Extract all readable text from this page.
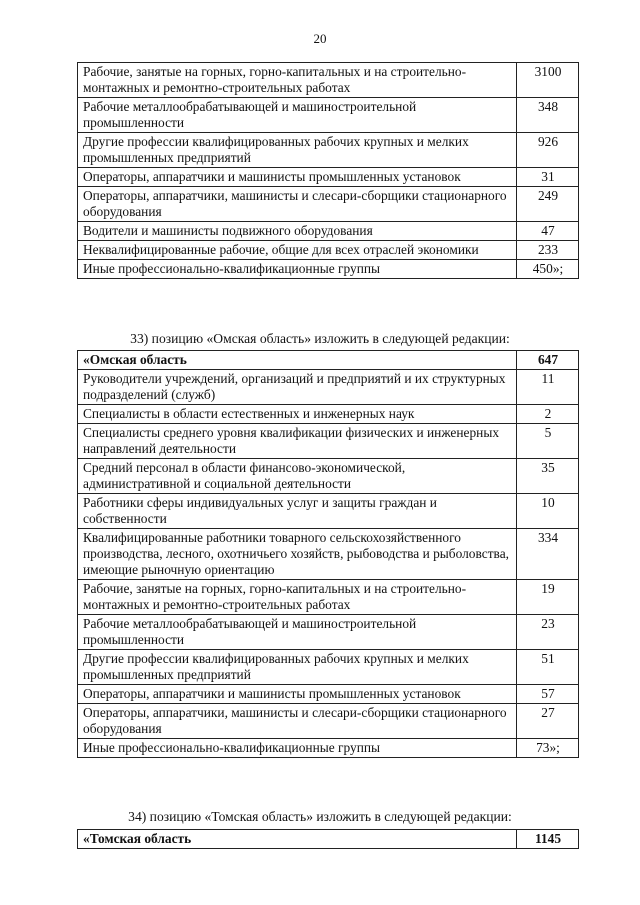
20
Рабочие, занятые на горных, горно-капитальных и на строительно-монтажных и ремонтно-строительных работах	3100
Рабочие металлообрабатывающей и машиностроительной промышленности	348
Другие профессии квалифицированных рабочих крупных и мелких промышленных предприятий	926
Операторы, аппаратчики и машинисты промышленных установок	31
Операторы, аппаратчики, машинисты и слесари-сборщики стационарного оборудования	249
Водители и машинисты подвижного оборудования	47
Неквалифицированные рабочие, общие для всех отраслей экономики	233
Иные профессионально-квалификационные группы	450»;
33) позицию «Омская область» изложить в следующей редакции:
«Омская область	647
Руководители учреждений, организаций и предприятий и их структурных подразделений (служб)	11
Специалисты в области естественных и инженерных наук	2
Специалисты среднего уровня квалификации физических и инженерных направлений деятельности	5
Средний персонал в области финансово-экономической, административной и социальной деятельности	35
Работники сферы индивидуальных услуг и защиты граждан и собственности	10
Квалифицированные работники товарного сельскохозяйственного производства, лесного, охотничьего хозяйств, рыбоводства и рыболовства, имеющие рыночную ориентацию	334
Рабочие, занятые на горных, горно-капитальных и на строительно-монтажных и ремонтно-строительных работах	19
Рабочие металлообрабатывающей и машиностроительной промышленности	23
Другие профессии квалифицированных рабочих крупных и мелких промышленных предприятий	51
Операторы, аппаратчики и машинисты промышленных установок	57
Операторы, аппаратчики, машинисты и слесари-сборщики стационарного оборудования	27
Иные профессионально-квалификационные группы	73»;
34) позицию «Томская область» изложить в следующей редакции:
«Томская область	1145
